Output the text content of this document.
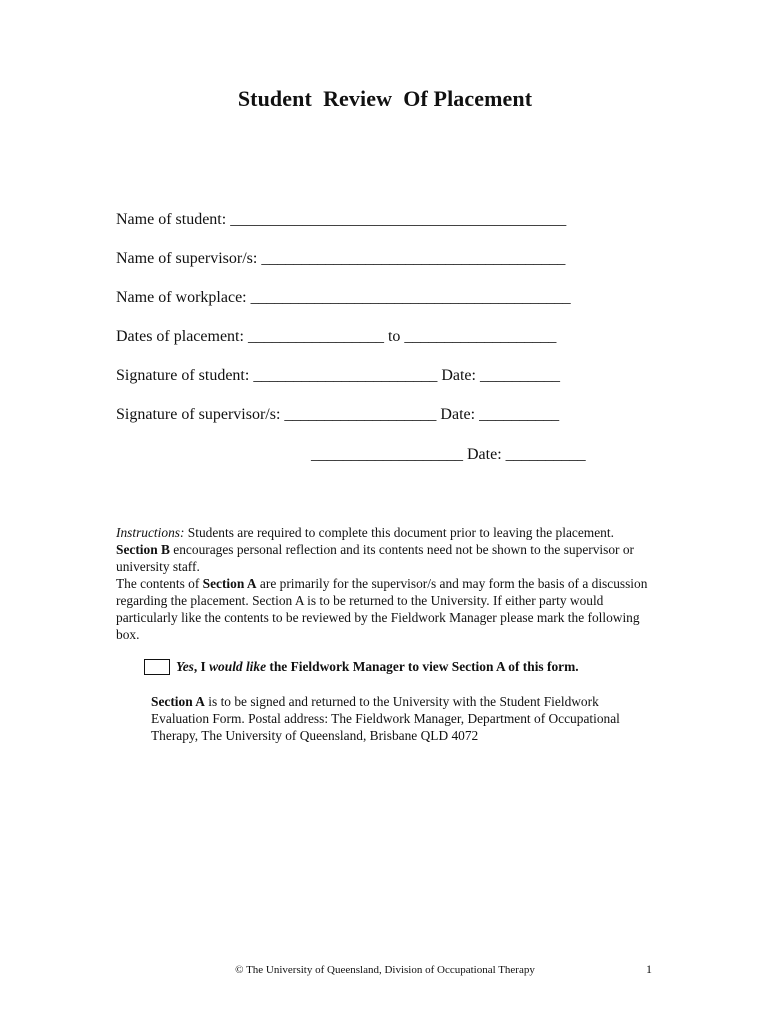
Student  Review  Of Placement
Name of student: __________________________________________
Name of supervisor/s: ______________________________________
Name of workplace: ________________________________________
Dates of placement: _________________ to ___________________
Signature of student: _______________________ Date: __________
Signature of supervisor/s: ___________________ Date: __________
___________________ Date: __________

Instructions: Students are required to complete this document prior to leaving the placement. Section B encourages personal reflection and its contents need not be shown to the supervisor or university staff.

The contents of Section A are primarily for the supervisor/s and may form the basis of a discussion regarding the placement. Section A is to be returned to the University. If either party would particularly like the contents to be reviewed by the Fieldwork Manager please mark the following box.

Yes, I would like the Fieldwork Manager to view Section A of this form.

Section A is to be signed and returned to the University with the Student Fieldwork Evaluation Form. Postal address: The Fieldwork Manager, Department of Occupational Therapy, The University of Queensland, Brisbane QLD 4072

© The University of Queensland, Division of Occupational Therapy	1
